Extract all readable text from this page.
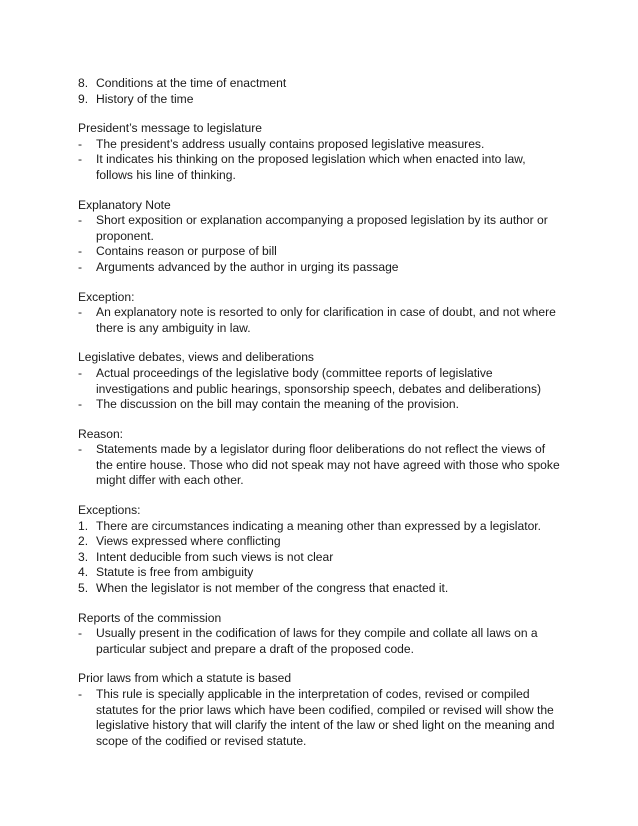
8. Conditions at the time of enactment
9. History of the time
President’s message to legislature
-	The president’s address usually contains proposed legislative measures.
-	It indicates his thinking on the proposed legislation which when enacted into law, follows his line of thinking.
Explanatory Note
-	Short exposition or explanation accompanying a proposed legislation by its author or proponent.
-	Contains reason or purpose of bill
-	Arguments advanced by the author in urging its passage
Exception:
-	An explanatory note is resorted to only for clarification in case of doubt, and not where there is any ambiguity in law.
Legislative debates, views and deliberations
-	Actual proceedings of the legislative body (committee reports of legislative investigations and public hearings, sponsorship speech, debates and deliberations)
-	The discussion on the bill may contain the meaning of the provision.
Reason:
-	Statements made by a legislator during floor deliberations do not reflect the views of the entire house. Those who did not speak may not have agreed with those who spoke might differ with each other.
Exceptions:
1. There are circumstances indicating a meaning other than expressed by a legislator.
2. Views expressed where conflicting
3. Intent deducible from such views is not clear
4. Statute is free from ambiguity
5. When the legislator is not member of the congress that enacted it.
Reports of the commission
-	Usually present in the codification of laws for they compile and collate all laws on a particular subject and prepare a draft of the proposed code.
Prior laws from which a statute is based
-	This rule is specially applicable in the interpretation of codes, revised or compiled statutes for the prior laws which have been codified, compiled or revised will show the legislative history that will clarify the intent of the law or shed light on the meaning and scope of the codified or revised statute.
